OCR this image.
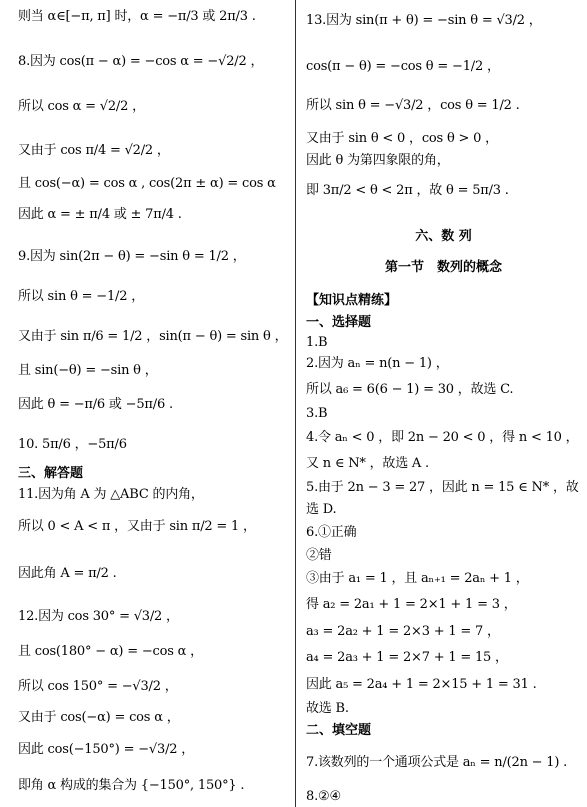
则当 α∈[−π, π] 时，α = −π/3 或 2π/3 .
8.因为 cos(π − α) = −cos α = −√2/2 ，
所以 cos α = √2/2 ，
又由于 cos π/4 = √2/2 ，
且 cos(−α) = cos α , cos(2π ± α) = cos α
因此 α = ± π/4 或 ± 7π/4 .
9.因为 sin(2π − θ) = −sin θ = 1/2 ，
所以 sin θ = −1/2 ，
又由于 sin π/6 = 1/2 ，sin(π − θ) = sin θ ，
且 sin(−θ) = −sin θ ，
因此 θ = −π/6 或 −5π/6 .
10. 5π/6 ，−5π/6
三、解答题
11.因为角 A 为 △ABC 的内角，
所以 0 < A < π ，又由于 sin π/2 = 1 ，
因此角 A = π/2 .
12.因为 cos 30° = √3/2 ，
且 cos(180° − α) = −cos α ，
所以 cos 150° = −√3/2 ，
又由于 cos(−α) = cos α ，
因此 cos(−150°) = −√3/2 ，
即角 α 构成的集合为 {−150°, 150°} .
13.因为 sin(π + θ) = −sin θ = √3/2 ，
cos(π − θ) = −cos θ = −1/2 ，
所以 sin θ = −√3/2 ，cos θ = 1/2 .
又由于 sin θ < 0 ，cos θ > 0 ，
因此 θ 为第四象限的角，
即 3π/2 < θ < 2π ，故 θ = 5π/3 .
六、数 列
第一节　数列的概念
【知识点精练】
一、选择题
1.B
2.因为 aₙ = n(n − 1) ，
所以 a₆ = 6(6 − 1) = 30 ，故选 C.
3.B
4.令 aₙ < 0 ，即 2n − 20 < 0 ，得 n < 10 ，
又 n ∈ N* ，故选 A .
5.由于 2n − 3 = 27 ，因此 n = 15 ∈ N* ，故
选 D.
6.①正确
②错
③由于 a₁ = 1 ，且 aₙ₊₁ = 2aₙ + 1 ，
得 a₂ = 2a₁ + 1 = 2×1 + 1 = 3 ，
a₃ = 2a₂ + 1 = 2×3 + 1 = 7 ，
a₄ = 2a₃ + 1 = 2×7 + 1 = 15 ，
因此 a₅ = 2a₄ + 1 = 2×15 + 1 = 31 .
故选 B.
二、填空题
7.该数列的一个通项公式是 aₙ = n/(2n − 1) .
8.②④
